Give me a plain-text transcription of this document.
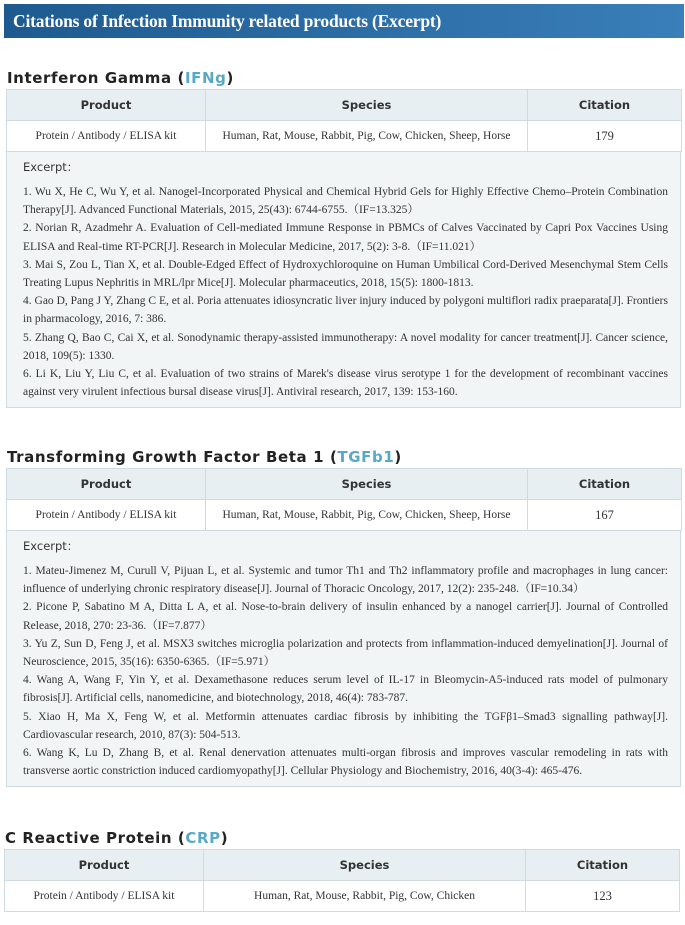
Citations of Infection Immunity related products (Excerpt)
Interferon Gamma (IFNg)
Product	Species	Citation
Protein / Antibody / ELISA kit	Human, Rat, Mouse, Rabbit, Pig, Cow, Chicken, Sheep, Horse	179
Excerpt：

1. Wu X, He C, Wu Y, et al. Nanogel-Incorporated Physical and Chemical Hybrid Gels for Highly Effective Chemo–Protein Combination Therapy[J]. Advanced Functional Materials, 2015, 25(43): 6744-6755.（IF=13.325）

2. Norian R, Azadmehr A. Evaluation of Cell-mediated Immune Response in PBMCs of Calves Vaccinated by Capri Pox Vaccines Using ELISA and Real-time RT-PCR[J]. Research in Molecular Medicine, 2017, 5(2): 3-8.（IF=11.021）

3. Mai S, Zou L, Tian X, et al. Double-Edged Effect of Hydroxychloroquine on Human Umbilical Cord-Derived Mesenchymal Stem Cells Treating Lupus Nephritis in MRL/lpr Mice[J]. Molecular pharmaceutics, 2018, 15(5): 1800-1813.

4. Gao D, Pang J Y, Zhang C E, et al. Poria attenuates idiosyncratic liver injury induced by polygoni multiflori radix praeparata[J]. Frontiers in pharmacology, 2016, 7: 386.

5. Zhang Q, Bao C, Cai X, et al. Sonodynamic therapy-assisted immunotherapy: A novel modality for cancer treatment[J]. Cancer science, 2018, 109(5): 1330.

6. Li K, Liu Y, Liu C, et al. Evaluation of two strains of Marek's disease virus serotype 1 for the development of recombinant vaccines against very virulent infectious bursal disease virus[J]. Antiviral research, 2017, 139: 153-160.

Transforming Growth Factor Beta 1 (TGFb1)
Product	Species	Citation
Protein / Antibody / ELISA kit	Human, Rat, Mouse, Rabbit, Pig, Cow, Chicken, Sheep, Horse	167
Excerpt：

1. Mateu-Jimenez M, Curull V, Pijuan L, et al. Systemic and tumor Th1 and Th2 inflammatory profile and macrophages in lung cancer: influence of underlying chronic respiratory disease[J]. Journal of Thoracic Oncology, 2017, 12(2): 235-248.（IF=10.34）

2. Picone P, Sabatino M A, Ditta L A, et al. Nose-to-brain delivery of insulin enhanced by a nanogel carrier[J]. Journal of Controlled Release, 2018, 270: 23-36.（IF=7.877）

3. Yu Z, Sun D, Feng J, et al. MSX3 switches microglia polarization and protects from inflammation-induced demyelination[J]. Journal of Neuroscience, 2015, 35(16): 6350-6365.（IF=5.971）

4. Wang A, Wang F, Yin Y, et al. Dexamethasone reduces serum level of IL-17 in Bleomycin-A5-induced rats model of pulmonary fibrosis[J]. Artificial cells, nanomedicine, and biotechnology, 2018, 46(4): 783-787.

5. Xiao H, Ma X, Feng W, et al. Metformin attenuates cardiac fibrosis by inhibiting the TGFβ1–Smad3 signalling pathway[J]. Cardiovascular research, 2010, 87(3): 504-513.

6. Wang K, Lu D, Zhang B, et al. Renal denervation attenuates multi-organ fibrosis and improves vascular remodeling in rats with transverse aortic constriction induced cardiomyopathy[J]. Cellular Physiology and Biochemistry, 2016, 40(3-4): 465-476.

C Reactive Protein (CRP)
Product	Species	Citation
Protein / Antibody / ELISA kit	Human, Rat, Mouse, Rabbit, Pig, Cow, Chicken	123
